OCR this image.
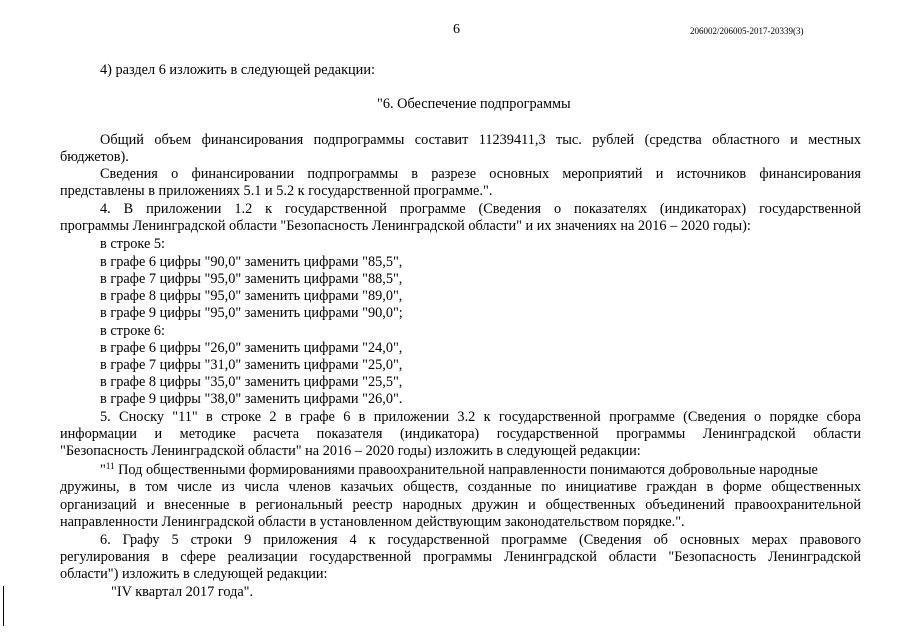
6	206002/206005-2017-20339(3)
4) раздел 6 изложить в следующей редакции:
"6. Обеспечение подпрограммы
Общий объем финансирования подпрограммы составит 11239411,3 тыс. рублей (средства областного и местных
бюджетов).
Сведения о финансировании подпрограммы в разрезе основных мероприятий и источников финансирования
представлены в приложениях 5.1 и 5.2 к государственной программе.".
4. В приложении 1.2 к государственной программе (Сведения о показателях (индикаторах) государственной
программы Ленинградской области "Безопасность Ленинградской области" и их значениях на 2016 – 2020 годы):
в строке 5:
в графе 6 цифры "90,0" заменить цифрами "85,5",
в графе 7 цифры "95,0" заменить цифрами "88,5",
в графе 8 цифры "95,0" заменить цифрами "89,0",
в графе 9 цифры "95,0" заменить цифрами "90,0";
в строке 6:
в графе 6 цифры "26,0" заменить цифрами "24,0",
в графе 7 цифры "31,0" заменить цифрами "25,0",
в графе 8 цифры "35,0" заменить цифрами "25,5",
в графе 9 цифры "38,0" заменить цифрами "26,0".
5. Сноску "11" в строке 2 в графе 6 в приложении 3.2 к государственной программе (Сведения о порядке сбора
информации и методике расчета показателя (индикатора) государственной программы Ленинградской области
"Безопасность Ленинградской области" на 2016 – 2020 годы) изложить в следующей редакции:
"$^{11}$ Под общественными формированиями правоохранительной направленности понимаются добровольные народные
дружины, в том числе из числа членов казачьих обществ, созданные по инициативе граждан в форме общественных
организаций и внесенные в региональный реестр народных дружин и общественных объединений правоохранительной
направленности Ленинградской области в установленном действующим законодательством порядке.".
6. Графу 5 строки 9 приложения 4 к государственной программе (Сведения об основных мерах правового
регулирования в сфере реализации государственной программы Ленинградской области "Безопасность Ленинградской
области") изложить в следующей редакции:
"IV квартал 2017 года".
